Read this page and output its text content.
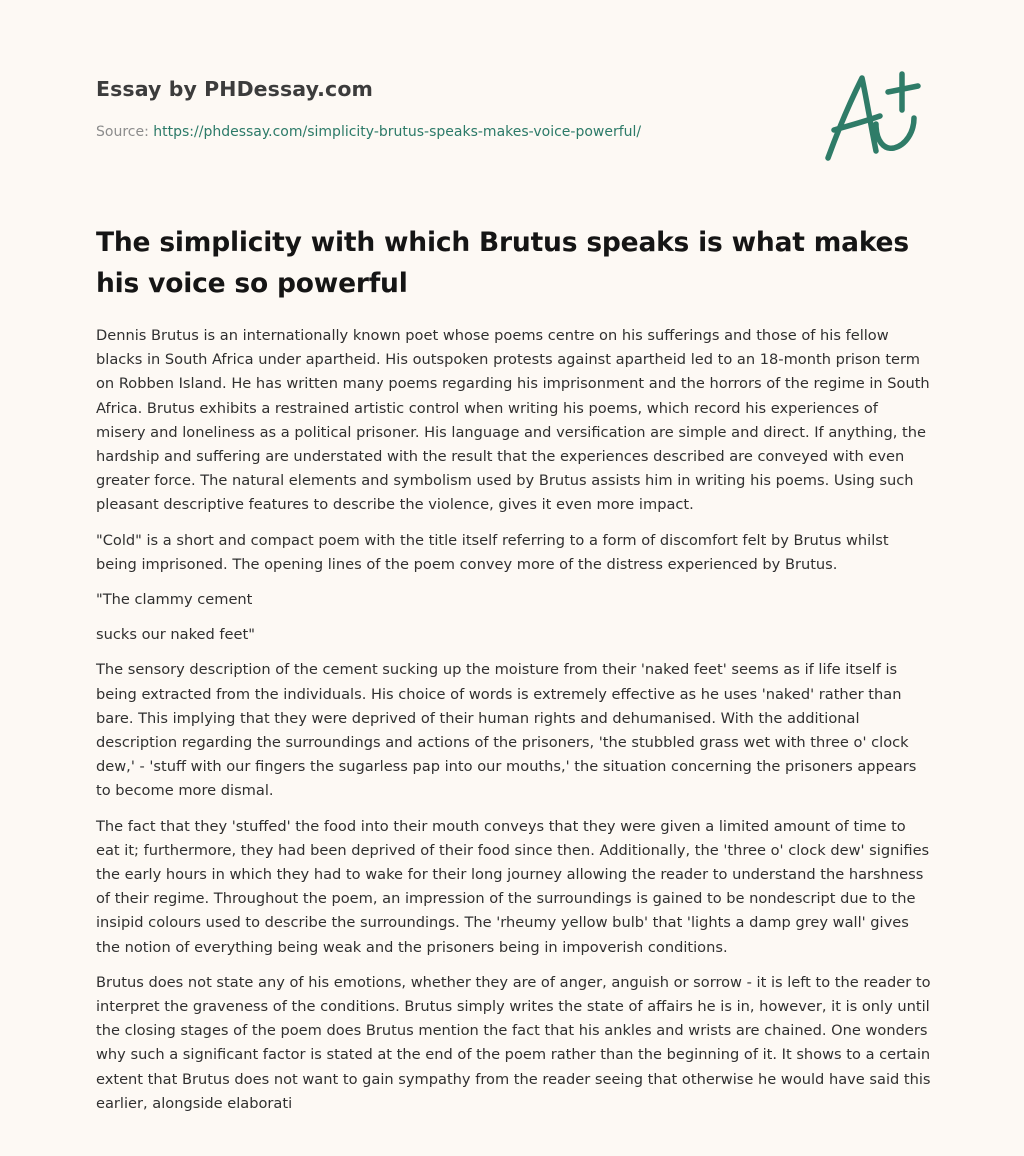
Essay by PHDessay.com
Source: https://phdessay.com/simplicity-brutus-speaks-makes-voice-powerful/
The simplicity with which Brutus speaks is what makes his voice so powerful

Dennis Brutus is an internationally known poet whose poems centre on his sufferings and those of his fellow blacks in South Africa under apartheid. His outspoken protests against apartheid led to an 18-month prison term on Robben Island. He has written many poems regarding his imprisonment and the horrors of the regime in South Africa. Brutus exhibits a restrained artistic control when writing his poems, which record his experiences of misery and loneliness as a political prisoner. His language and versification are simple and direct. If anything, the hardship and suffering are understated with the result that the experiences described are conveyed with even greater force. The natural elements and symbolism used by Brutus assists him in writing his poems. Using such pleasant descriptive features to describe the violence, gives it even more impact.

"Cold" is a short and compact poem with the title itself referring to a form of discomfort felt by Brutus whilst being imprisoned. The opening lines of the poem convey more of the distress experienced by Brutus.

"The clammy cement

sucks our naked feet"

The sensory description of the cement sucking up the moisture from their 'naked feet' seems as if life itself is being extracted from the individuals. His choice of words is extremely effective as he uses 'naked' rather than bare. This implying that they were deprived of their human rights and dehumanised. With the additional description regarding the surroundings and actions of the prisoners, 'the stubbled grass wet with three o' clock dew,' - 'stuff with our fingers the sugarless pap into our mouths,' the situation concerning the prisoners appears to become more dismal.

The fact that they 'stuffed' the food into their mouth conveys that they were given a limited amount of time to eat it; furthermore, they had been deprived of their food since then. Additionally, the 'three o' clock dew' signifies the early hours in which they had to wake for their long journey allowing the reader to understand the harshness of their regime. Throughout the poem, an impression of the surroundings is gained to be nondescript due to the insipid colours used to describe the surroundings. The 'rheumy yellow bulb' that 'lights a damp grey wall' gives the notion of everything being weak and the prisoners being in impoverish conditions.

Brutus does not state any of his emotions, whether they are of anger, anguish or sorrow - it is left to the reader to interpret the graveness of the conditions. Brutus simply writes the state of affairs he is in, however, it is only until the closing stages of the poem does Brutus mention the fact that his ankles and wrists are chained. One wonders why such a significant factor is stated at the end of the poem rather than the beginning of it. It shows to a certain extent that Brutus does not want to gain sympathy from the reader seeing that otherwise he would have said this earlier, alongside elaborati
